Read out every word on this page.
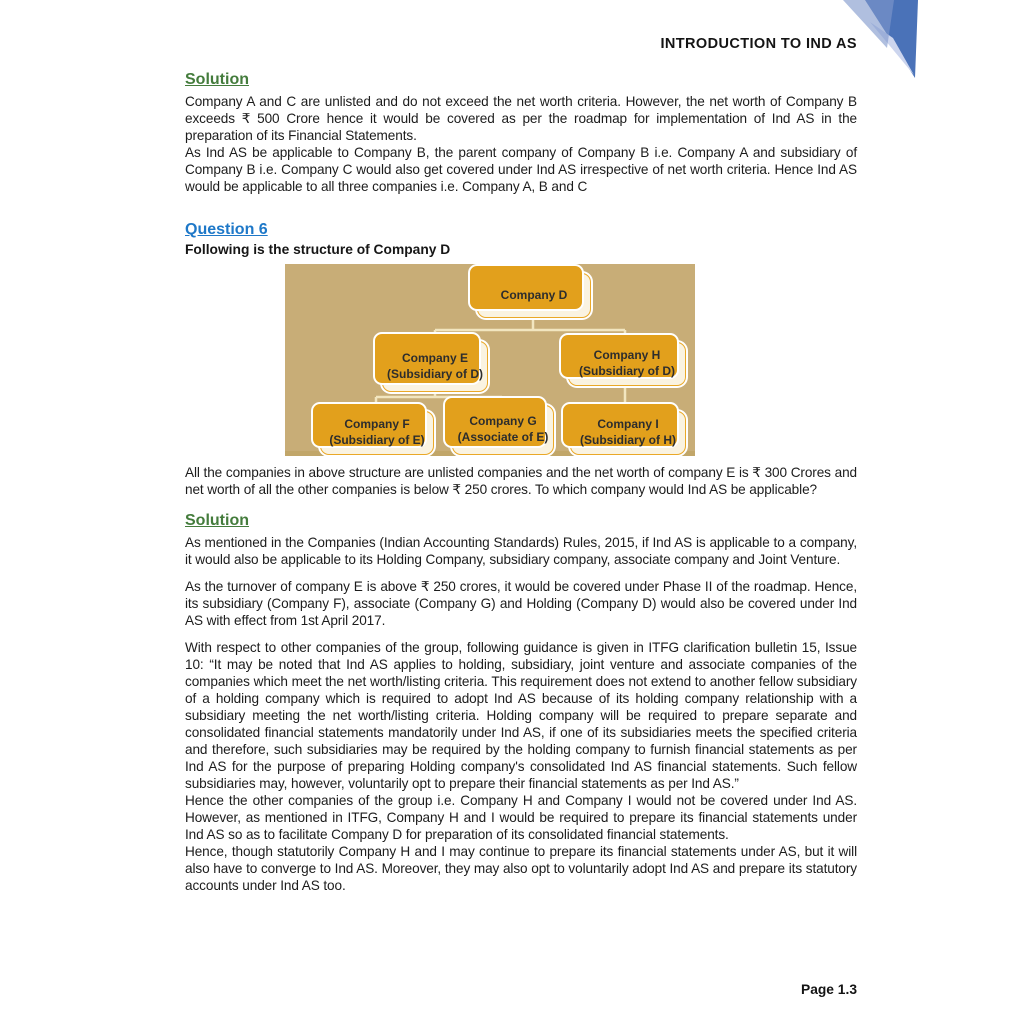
INTRODUCTION TO IND AS
Solution

Company A and C are unlisted and do not exceed the net worth criteria. However, the net worth of Company B exceeds ₹ 500 Crore hence it would be covered as per the roadmap for implementation of Ind AS in the preparation of its Financial Statements.

As Ind AS be applicable to Company B, the parent company of Company B i.e. Company A and subsidiary of Company B i.e. Company C would also get covered under Ind AS irrespective of net worth criteria. Hence Ind AS would be applicable to all three companies i.e. Company A, B and C

Question 6

Following is the structure of Company D

Company D
Company E
(Subsidiary of D)
Company H
(Subsidiary of D)
Company F
(Subsidiary of E)
Company G
(Associate of E)
Company I
(Subsidiary of H)

All the companies in above structure are unlisted companies and the net worth of company E is ₹ 300 Crores and net worth of all the other companies is below ₹ 250 crores. To which company would Ind AS be applicable?

Solution

As mentioned in the Companies (Indian Accounting Standards) Rules, 2015, if Ind AS is applicable to a company, it would also be applicable to its Holding Company, subsidiary company, associate company and Joint Venture.

As the turnover of company E is above ₹ 250 crores, it would be covered under Phase II of the roadmap. Hence, its subsidiary (Company F), associate (Company G) and Holding (Company D) would also be covered under Ind AS with effect from 1st April 2017.

With respect to other companies of the group, following guidance is given in ITFG clarification bulletin 15, Issue 10: “It may be noted that Ind AS applies to holding, subsidiary, joint venture and associate companies of the companies which meet the net worth/listing criteria. This requirement does not extend to another fellow subsidiary of a holding company which is required to adopt Ind AS because of its holding company relationship with a subsidiary meeting the net worth/listing criteria. Holding company will be required to prepare separate and consolidated financial statements mandatorily under Ind AS, if one of its subsidiaries meets the specified criteria and therefore, such subsidiaries may be required by the holding company to furnish financial statements as per Ind AS for the purpose of preparing Holding company's consolidated Ind AS financial statements. Such fellow subsidiaries may, however, voluntarily opt to prepare their financial statements as per Ind AS.”

Hence the other companies of the group i.e. Company H and Company I would not be covered under Ind AS. However, as mentioned in ITFG, Company H and I would be required to prepare its financial statements under Ind AS so as to facilitate Company D for preparation of its consolidated financial statements.

Hence, though statutorily Company H and I may continue to prepare its financial statements under AS, but it will also have to converge to Ind AS. Moreover, they may also opt to voluntarily adopt Ind AS and prepare its statutory accounts under Ind AS too.

Page 1.3
